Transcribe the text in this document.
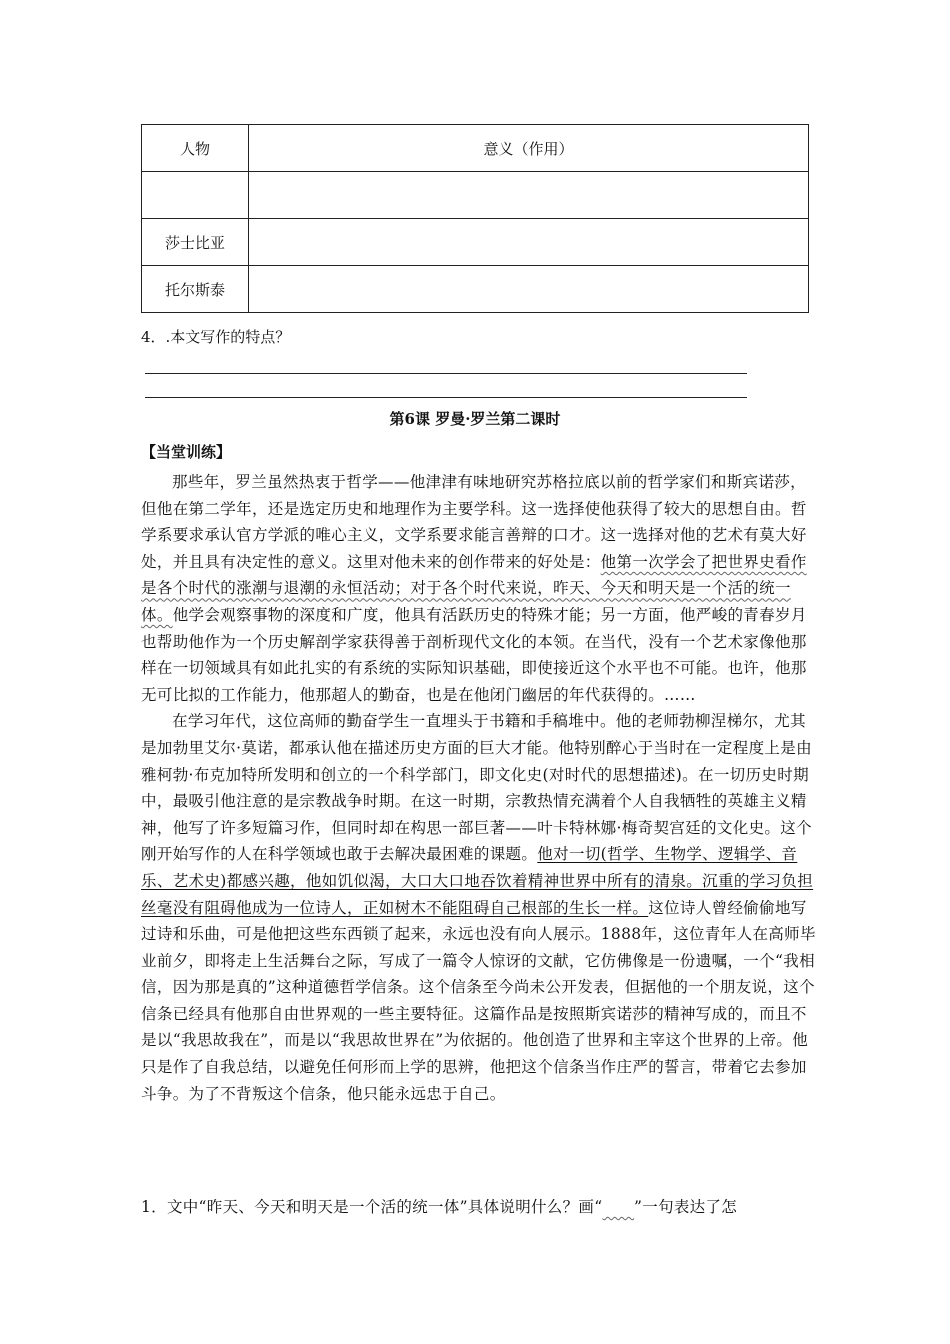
人物	意义（作用）

莎士比亚	
托尔斯泰	
4．.本文写作的特点？
第6课 罗曼·罗兰第二课时
【当堂训练】

那些年，罗兰虽然热衷于哲学——他津津有味地研究苏格拉底以前的哲学家们和斯宾诺莎，但他在第二学年，还是选定历史和地理作为主要学科。这一选择使他获得了较大的思想自由。哲学系要求承认官方学派的唯心主义，文学系要求能言善辩的口才。这一选择对他的艺术有莫大好处，并且具有决定性的意义。这里对他未来的创作带来的好处是：他第一次学会了把世界史看作是各个时代的涨潮与退潮的永恒活动；对于各个时代来说，昨天、今天和明天是一个活的统一体。他学会观察事物的深度和广度，他具有活跃历史的特殊才能；另一方面，他严峻的青春岁月也帮助他作为一个历史解剖学家获得善于剖析现代文化的本领。在当代，没有一个艺术家像他那样在一切领域具有如此扎实的有系统的实际知识基础，即使接近这个水平也不可能。也许，他那无可比拟的工作能力，他那超人的勤奋，也是在他闭门幽居的年代获得的。……

在学习年代，这位高师的勤奋学生一直埋头于书籍和手稿堆中。他的老师勃柳涅梯尔，尤其是加勃里艾尔·莫诺，都承认他在描述历史方面的巨大才能。他特别醉心于当时在一定程度上是由雅柯勃·布克加特所发明和创立的一个科学部门，即文化史(对时代的思想描述)。在一切历史时期中，最吸引他注意的是宗教战争时期。在这一时期，宗教热情充满着个人自我牺牲的英雄主义精神，他写了许多短篇习作，但同时却在构思一部巨著——叶卡特林娜·梅奇契宫廷的文化史。这个刚开始写作的人在科学领域也敢于去解决最困难的课题。他对一切(哲学、生物学、逻辑学、音乐、艺术史)都感兴趣，他如饥似渴，大口大口地吞饮着精神世界中所有的清泉。沉重的学习负担丝毫没有阻碍他成为一位诗人，正如树木不能阻碍自己根部的生长一样。这位诗人曾经偷偷地写过诗和乐曲，可是他把这些东西锁了起来，永远也没有向人展示。1888年，这位青年人在高师毕业前夕，即将走上生活舞台之际，写成了一篇令人惊讶的文献，它仿佛像是一份遗嘱，一个“我相信，因为那是真的”这种道德哲学信条。这个信条至今尚未公开发表，但据他的一个朋友说，这个信条已经具有他那自由世界观的一些主要特征。这篇作品是按照斯宾诺莎的精神写成的，而且不是以“我思故我在”，而是以“我思故世界在”为依据的。他创造了世界和主宰这个世界的上帝。他只是作了自我总结，以避免任何形而上学的思辨，他把这个信条当作庄严的誓言，带着它去参加斗争。为了不背叛这个信条，他只能永远忠于自己。

1．文中“昨天、今天和明天是一个活的统一体”具体说明什么？画“ ”一句表达了怎
